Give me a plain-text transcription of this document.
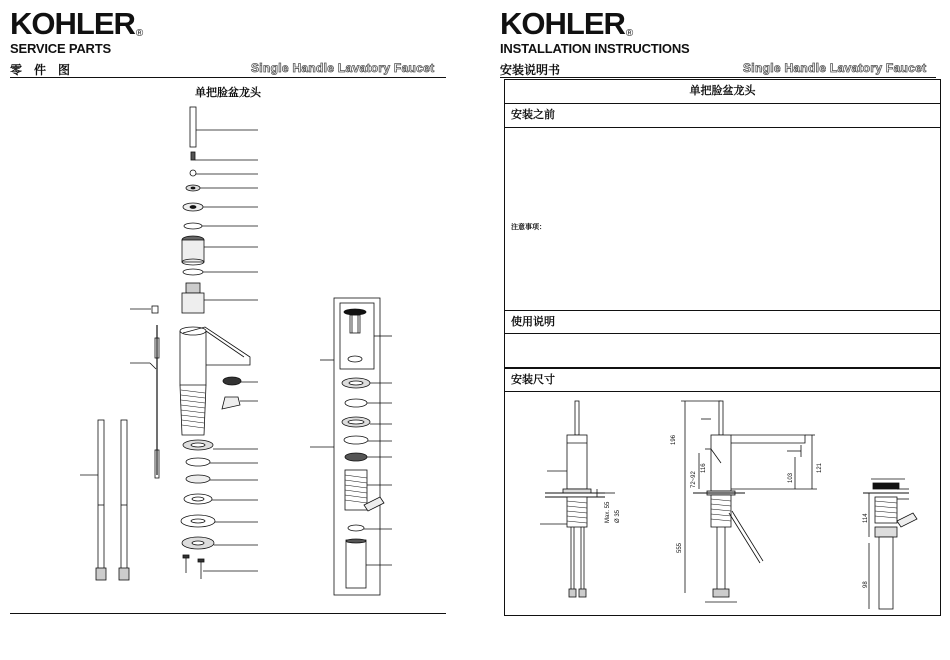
KOHLER®
SERVICE PARTS
零　件　图	Single Handle Lavatory Faucet
单把脸盆龙头
KOHLER®
INSTALLATION INSTRUCTIONS
安装说明书	Single Handle Lavatory Faucet
单把脸盆龙头
安装之前
注意事项：
使用说明
安装尺寸
Max. 55 Ø 35
196
72~92
116
103
121
555
114
98
